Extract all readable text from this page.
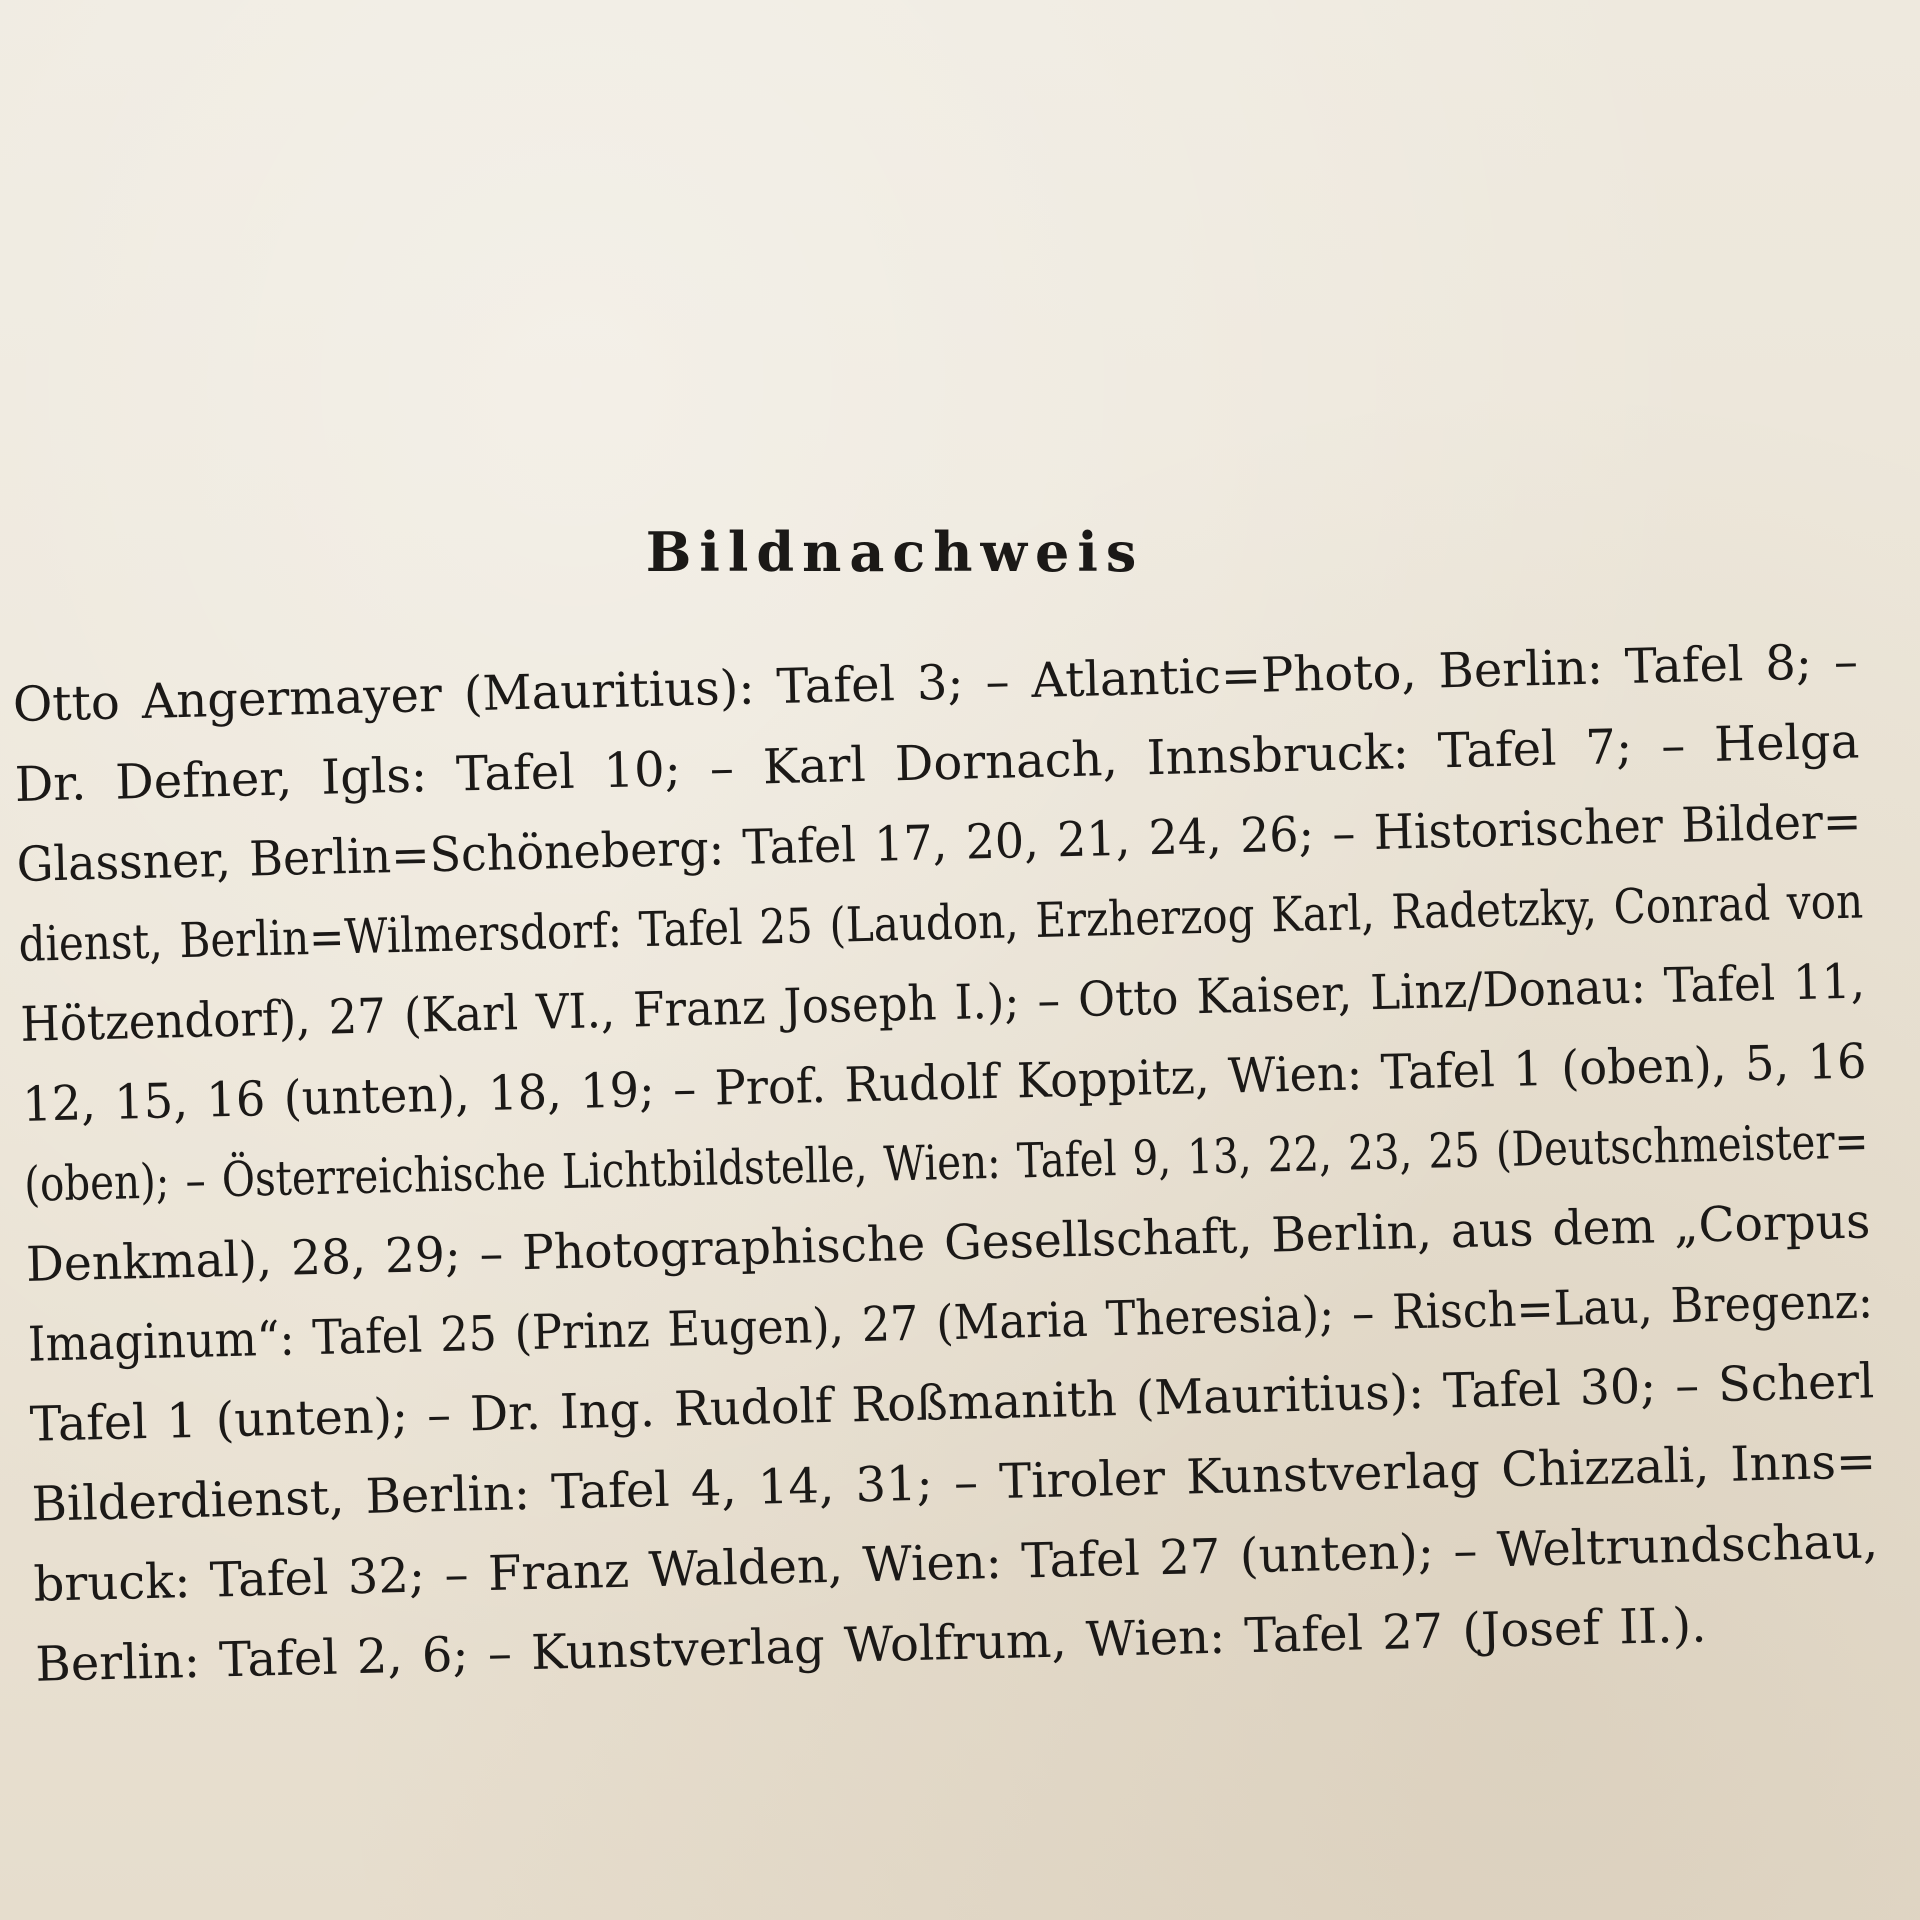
Bildnachweis

Otto Angermayer (Mauritius): Tafel 3; – Atlantic=Photo, Berlin: Tafel 8; –
Dr. Defner, Igls: Tafel 10; – Karl Dornach, Innsbruck: Tafel 7; – Helga
Glassner, Berlin=Schöneberg: Tafel 17, 20, 21, 24, 26; – Historischer Bilder=
dienst, Berlin=Wilmersdorf: Tafel 25 (Laudon, Erzherzog Karl, Radetzky, Conrad von
Hötzendorf), 27 (Karl VI., Franz Joseph I.); – Otto Kaiser, Linz/Donau: Tafel 11,
12, 15, 16 (unten), 18, 19; – Prof. Rudolf Koppitz, Wien: Tafel 1 (oben), 5, 16
(oben); – Österreichische Lichtbildstelle, Wien: Tafel 9, 13, 22, 23, 25 (Deutschmeister=
Denkmal), 28, 29; – Photographische Gesellschaft, Berlin, aus dem „Corpus
Imaginum“: Tafel 25 (Prinz Eugen), 27 (Maria Theresia); – Risch=Lau, Bregenz:
Tafel 1 (unten); – Dr. Ing. Rudolf Roßmanith (Mauritius): Tafel 30; – Scherl
Bilderdienst, Berlin: Tafel 4, 14, 31; – Tiroler Kunstverlag Chizzali, Inns=
bruck: Tafel 32; – Franz Walden, Wien: Tafel 27 (unten); – Weltrundschau,
Berlin: Tafel 2, 6; – Kunstverlag Wolfrum, Wien: Tafel 27 (Josef II.).
